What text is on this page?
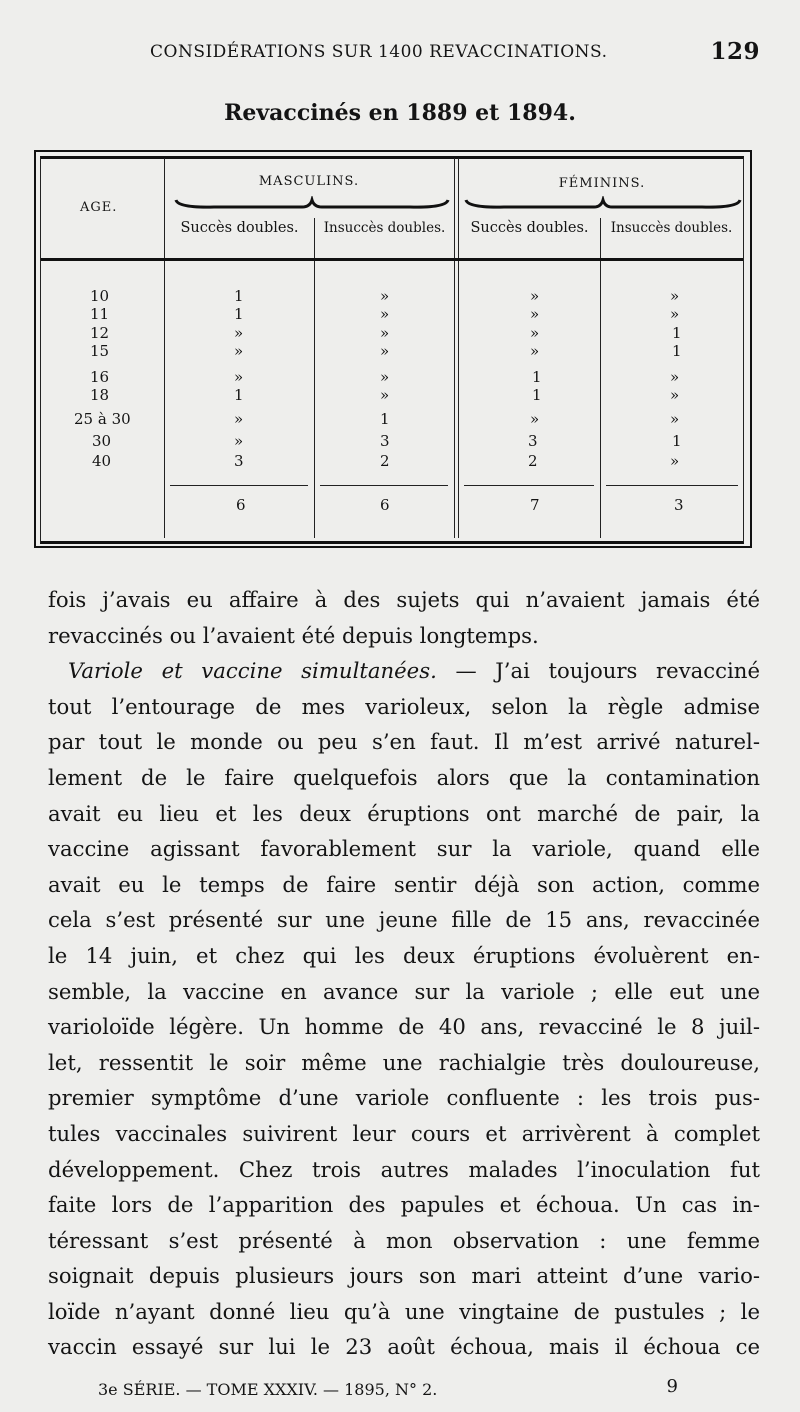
CONSIDÉRATIONS SUR 1400 REVACCINATIONS.	129
Revaccinés en 1889 et 1894.
AGE.
MASCULINS.	FÉMININS.
Succès doubles.	Insuccès doubles.	Succès doubles.	Insuccès doubles.
10	1	»	»	»
11	1	»	»	»
12	»	»	»	1
15	»	»	»	1
16	»	»	1	»
18	1	»	1	»
25 à 30	»	1	»	»
30	»	3	3	1
40	3	2	2	»
6	6	7	3
fois j’avais eu affaire à des sujets qui n’avaient jamais été
revaccinés ou l’avaient été depuis longtemps.
Variole et vaccine simultanées. — J’ai toujours revacciné
tout l’entourage de mes varioleux, selon la règle admise
par tout le monde ou peu s’en faut. Il m’est arrivé naturel-
lement de le faire quelquefois alors que la contamination
avait eu lieu et les deux éruptions ont marché de pair, la
vaccine agissant favorablement sur la variole, quand elle
avait eu le temps de faire sentir déjà son action, comme
cela s’est présenté sur une jeune fille de 15 ans, revaccinée
le 14 juin, et chez qui les deux éruptions évoluèrent en-
semble, la vaccine en avance sur la variole ; elle eut une
varioloïde légère. Un homme de 40 ans, revacciné le 8 juil-
let, ressentit le soir même une rachialgie très douloureuse,
premier symptôme d’une variole confluente : les trois pus-
tules vaccinales suivirent leur cours et arrivèrent à complet
développement. Chez trois autres malades l’inoculation fut
faite lors de l’apparition des papules et échoua. Un cas in-
téressant s’est présenté à mon observation : une femme
soignait depuis plusieurs jours son mari atteint d’une vario-
loïde n’ayant donné lieu qu’à une vingtaine de pustules ; le
vaccin essayé sur lui le 23 août échoua, mais il échoua ce
3e SÉRIE. — TOME XXXIV. — 1895, N° 2.	9
